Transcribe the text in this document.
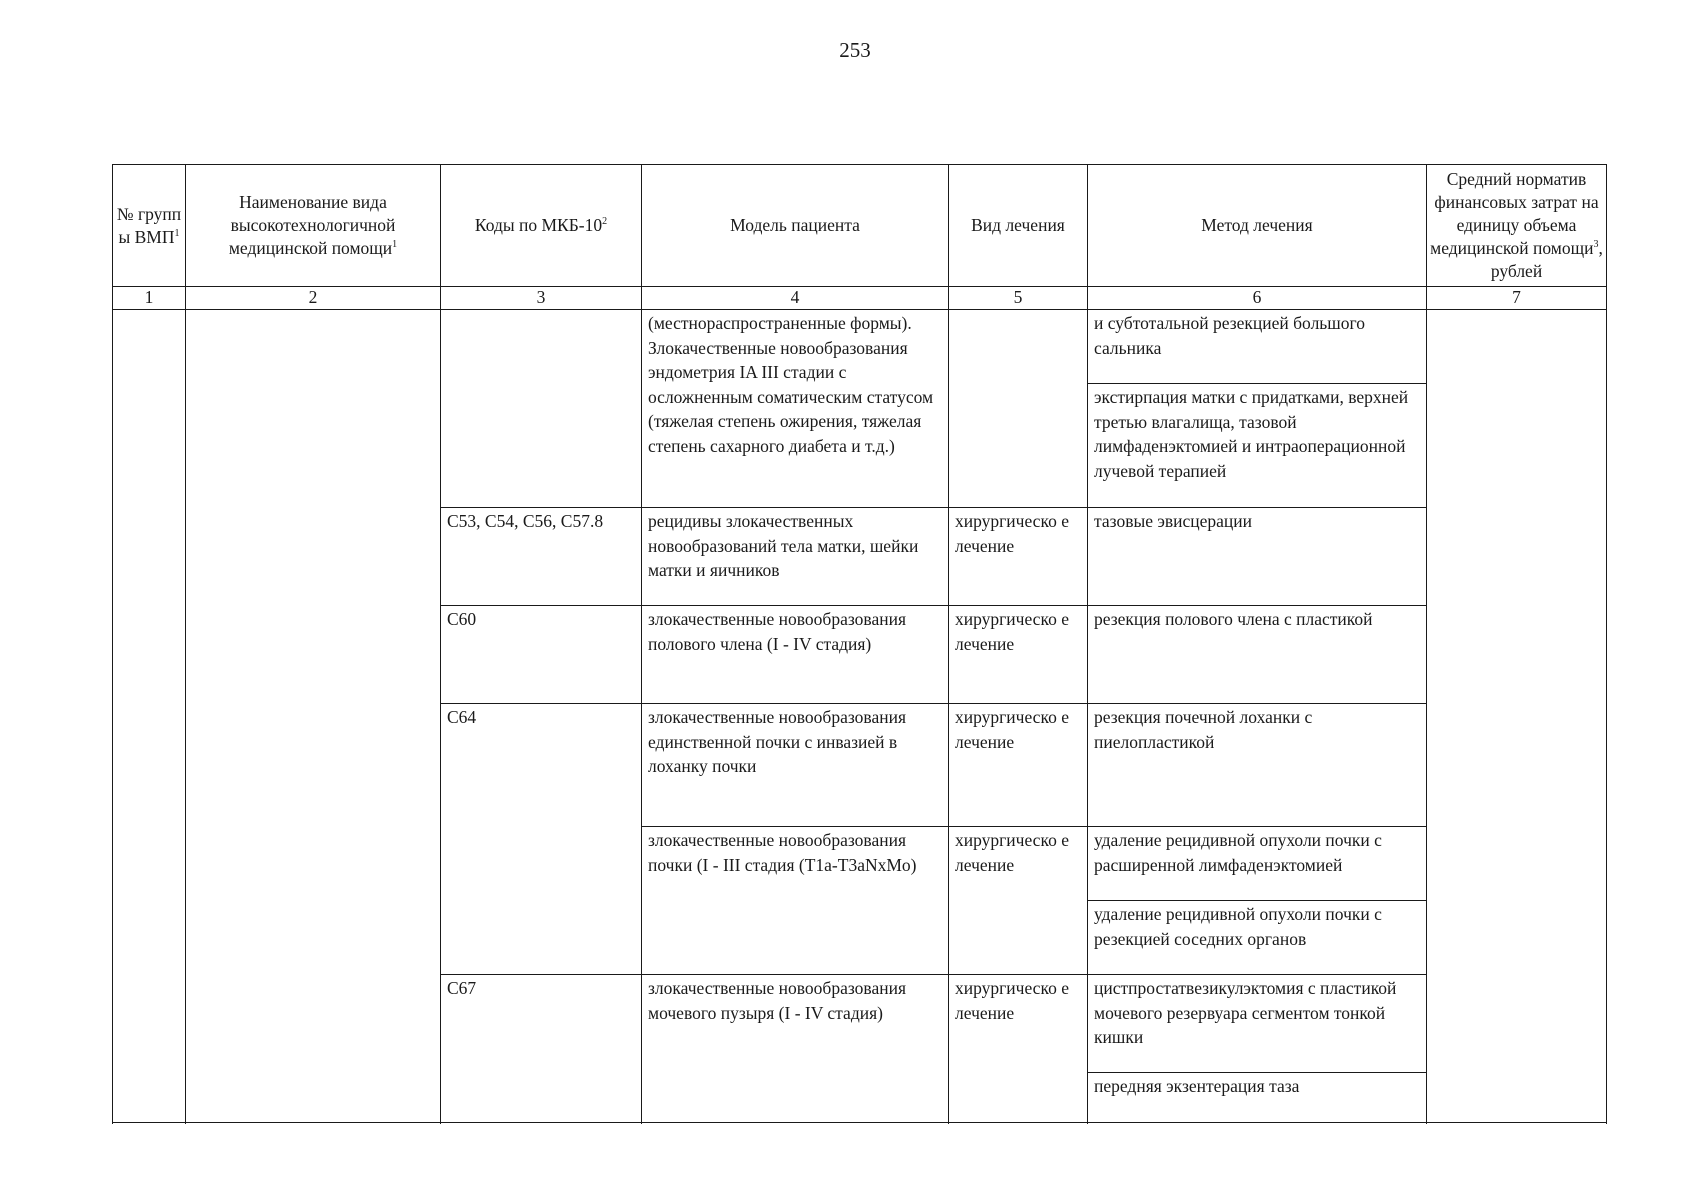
253
№ групп ы ВМП$^1$	Наименование вида высокотехнологичной медицинской помощи$^1$	Коды по МКБ-$10^2$	Модель пациента	Вид лечения	Метод лечения	Средний норматив финансовых затрат на единицу объема медицинской помощи$^3$, рублей
1	2	3	4	5	6	7
			(местнораспространенные формы). Злокачественные новообразования эндометрия IA III стадии с осложненным соматическим статусом (тяжелая степень ожирения, тяжелая степень сахарного диабета и т.д.)		и субтотальной резекцией большого сальника	
					экстирпация матки с придатками, верхней третью влагалища, тазовой лимфаденэктомией и интраоперационной лучевой терапией	
		C53, C54, C56, C57.8	рецидивы злокачественных новообразований тела матки, шейки матки и яичников	хирургическо е лечение	тазовые эвисцерации	
		C60	злокачественные новообразования полового члена (I - IV стадия)	хирургическо е лечение	резекция полового члена с пластикой	
		C64	злокачественные новообразования единственной почки с инвазией в лоханку почки	хирургическо е лечение	резекция почечной лоханки с пиелопластикой	
			злокачественные новообразования почки (I - III стадия (T1a-T3aNxMo)	хирургическо е лечение	удаление рецидивной опухоли почки с расширенной лимфаденэктомией	
					удаление рецидивной опухоли почки с резекцией соседних органов	

		C67	злокачественные новообразования мочевого пузыря (I - IV стадия)	хирургическо е лечение	цистпростатвезикулэктомия с пластикой мочевого резервуара сегментом тонкой кишки	
					передняя экзентерация таза	
